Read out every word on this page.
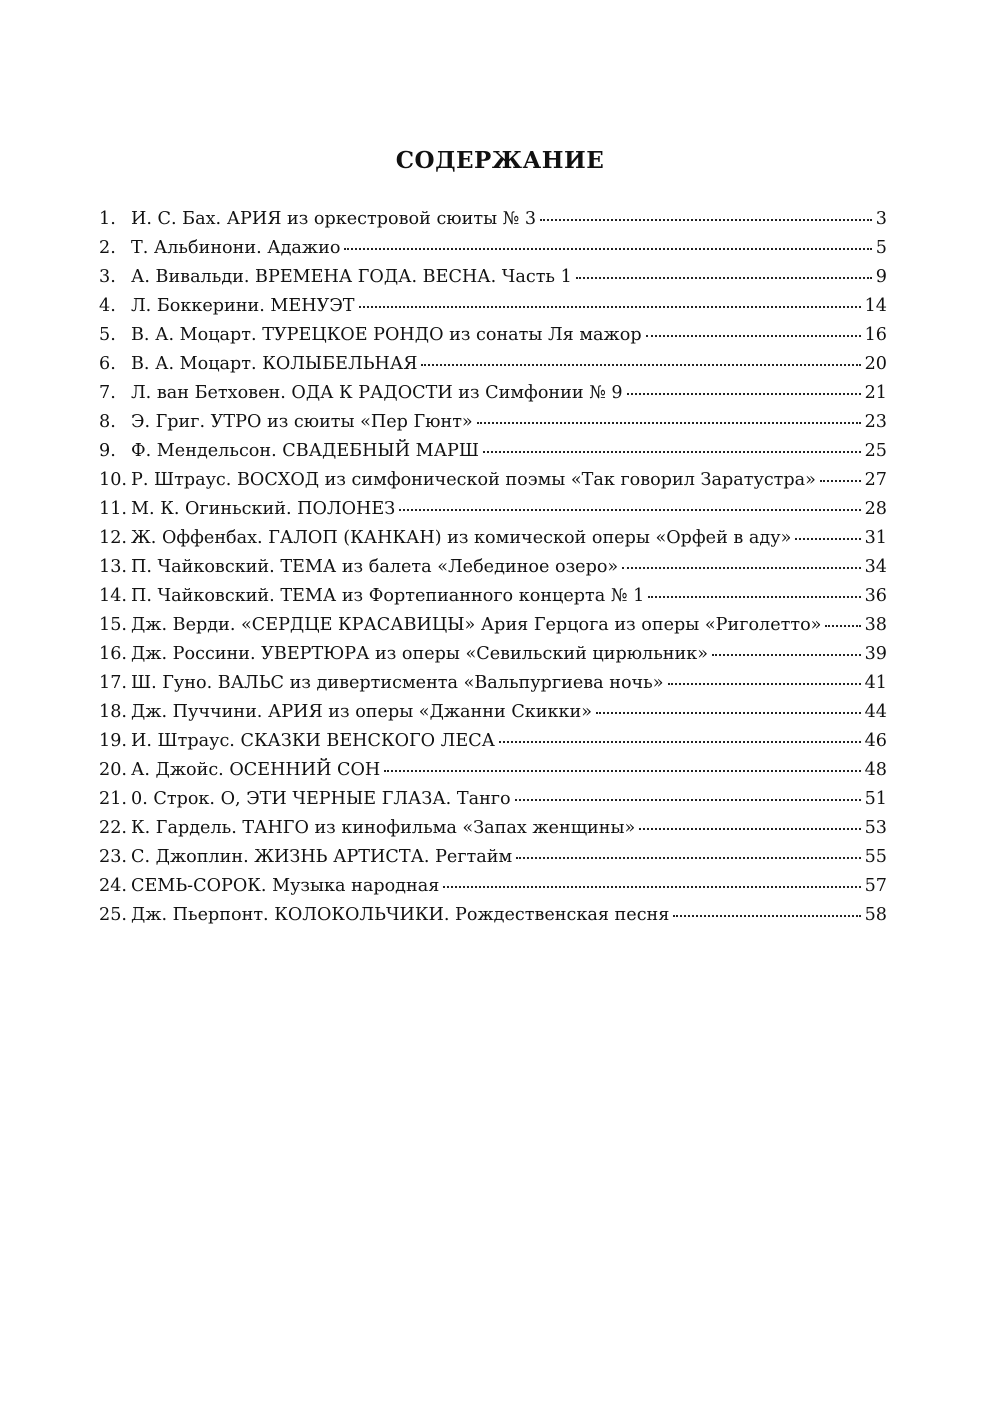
СОДЕРЖАНИЕ
1. И. С. Бах. АРИЯ из оркестровой сюиты № 3	3
2. Т. Альбинони. Адажио	5
3. А. Вивальди. ВРЕМЕНА ГОДА. ВЕСНА. Часть 1	9
4. Л. Боккерини. МЕНУЭТ	14
5. В. А. Моцарт. ТУРЕЦКОЕ РОНДО из сонаты Ля мажор	16
6. В. А. Моцарт. КОЛЫБЕЛЬНАЯ	20
7. Л. ван Бетховен. ОДА К РАДОСТИ из Симфонии № 9	21
8. Э. Григ. УТРО из сюиты «Пер Гюнт»	23
9. Ф. Мендельсон. СВАДЕБНЫЙ МАРШ	25
10. Р. Штраус. ВОСХОД из симфонической поэмы «Так говорил Заратустра»	27
11. М. К. Огиньский. ПОЛОНЕЗ	28
12. Ж. Оффенбах. ГАЛОП (КАНКАН) из комической оперы «Орфей в аду»	31
13. П. Чайковский. ТЕМА из балета «Лебединое озеро»	34
14. П. Чайковский. ТЕМА из Фортепианного концерта № 1	36
15. Дж. Верди. «СЕРДЦЕ КРАСАВИЦЫ» Ария Герцога из оперы «Риголетто» 38
16. Дж. Россини. УВЕРТЮРА из оперы «Севильский цирюльник»	39
17. Ш. Гуно. ВАЛЬС из дивертисмента «Вальпургиева ночь»	41
18. Дж. Пуччини. АРИЯ из оперы «Джанни Скикки»	44
19. И. Штраус. СКАЗКИ ВЕНСКОГО ЛЕСА	46
20. А. Джойс. ОСЕННИЙ СОН	48
21. 0. Строк. О, ЭТИ ЧЕРНЫЕ ГЛАЗА. Танго	51
22. К. Гардель. ТАНГО из кинофильма «Запах женщины»	53
23. С. Джоплин. ЖИЗНЬ АРТИСТА. Регтайм	55
24. СЕМЬ-СОРОК. Музыка народная	57
25. Дж. Пьерпонт. КОЛОКОЛЬЧИКИ. Рождественская песня	58
